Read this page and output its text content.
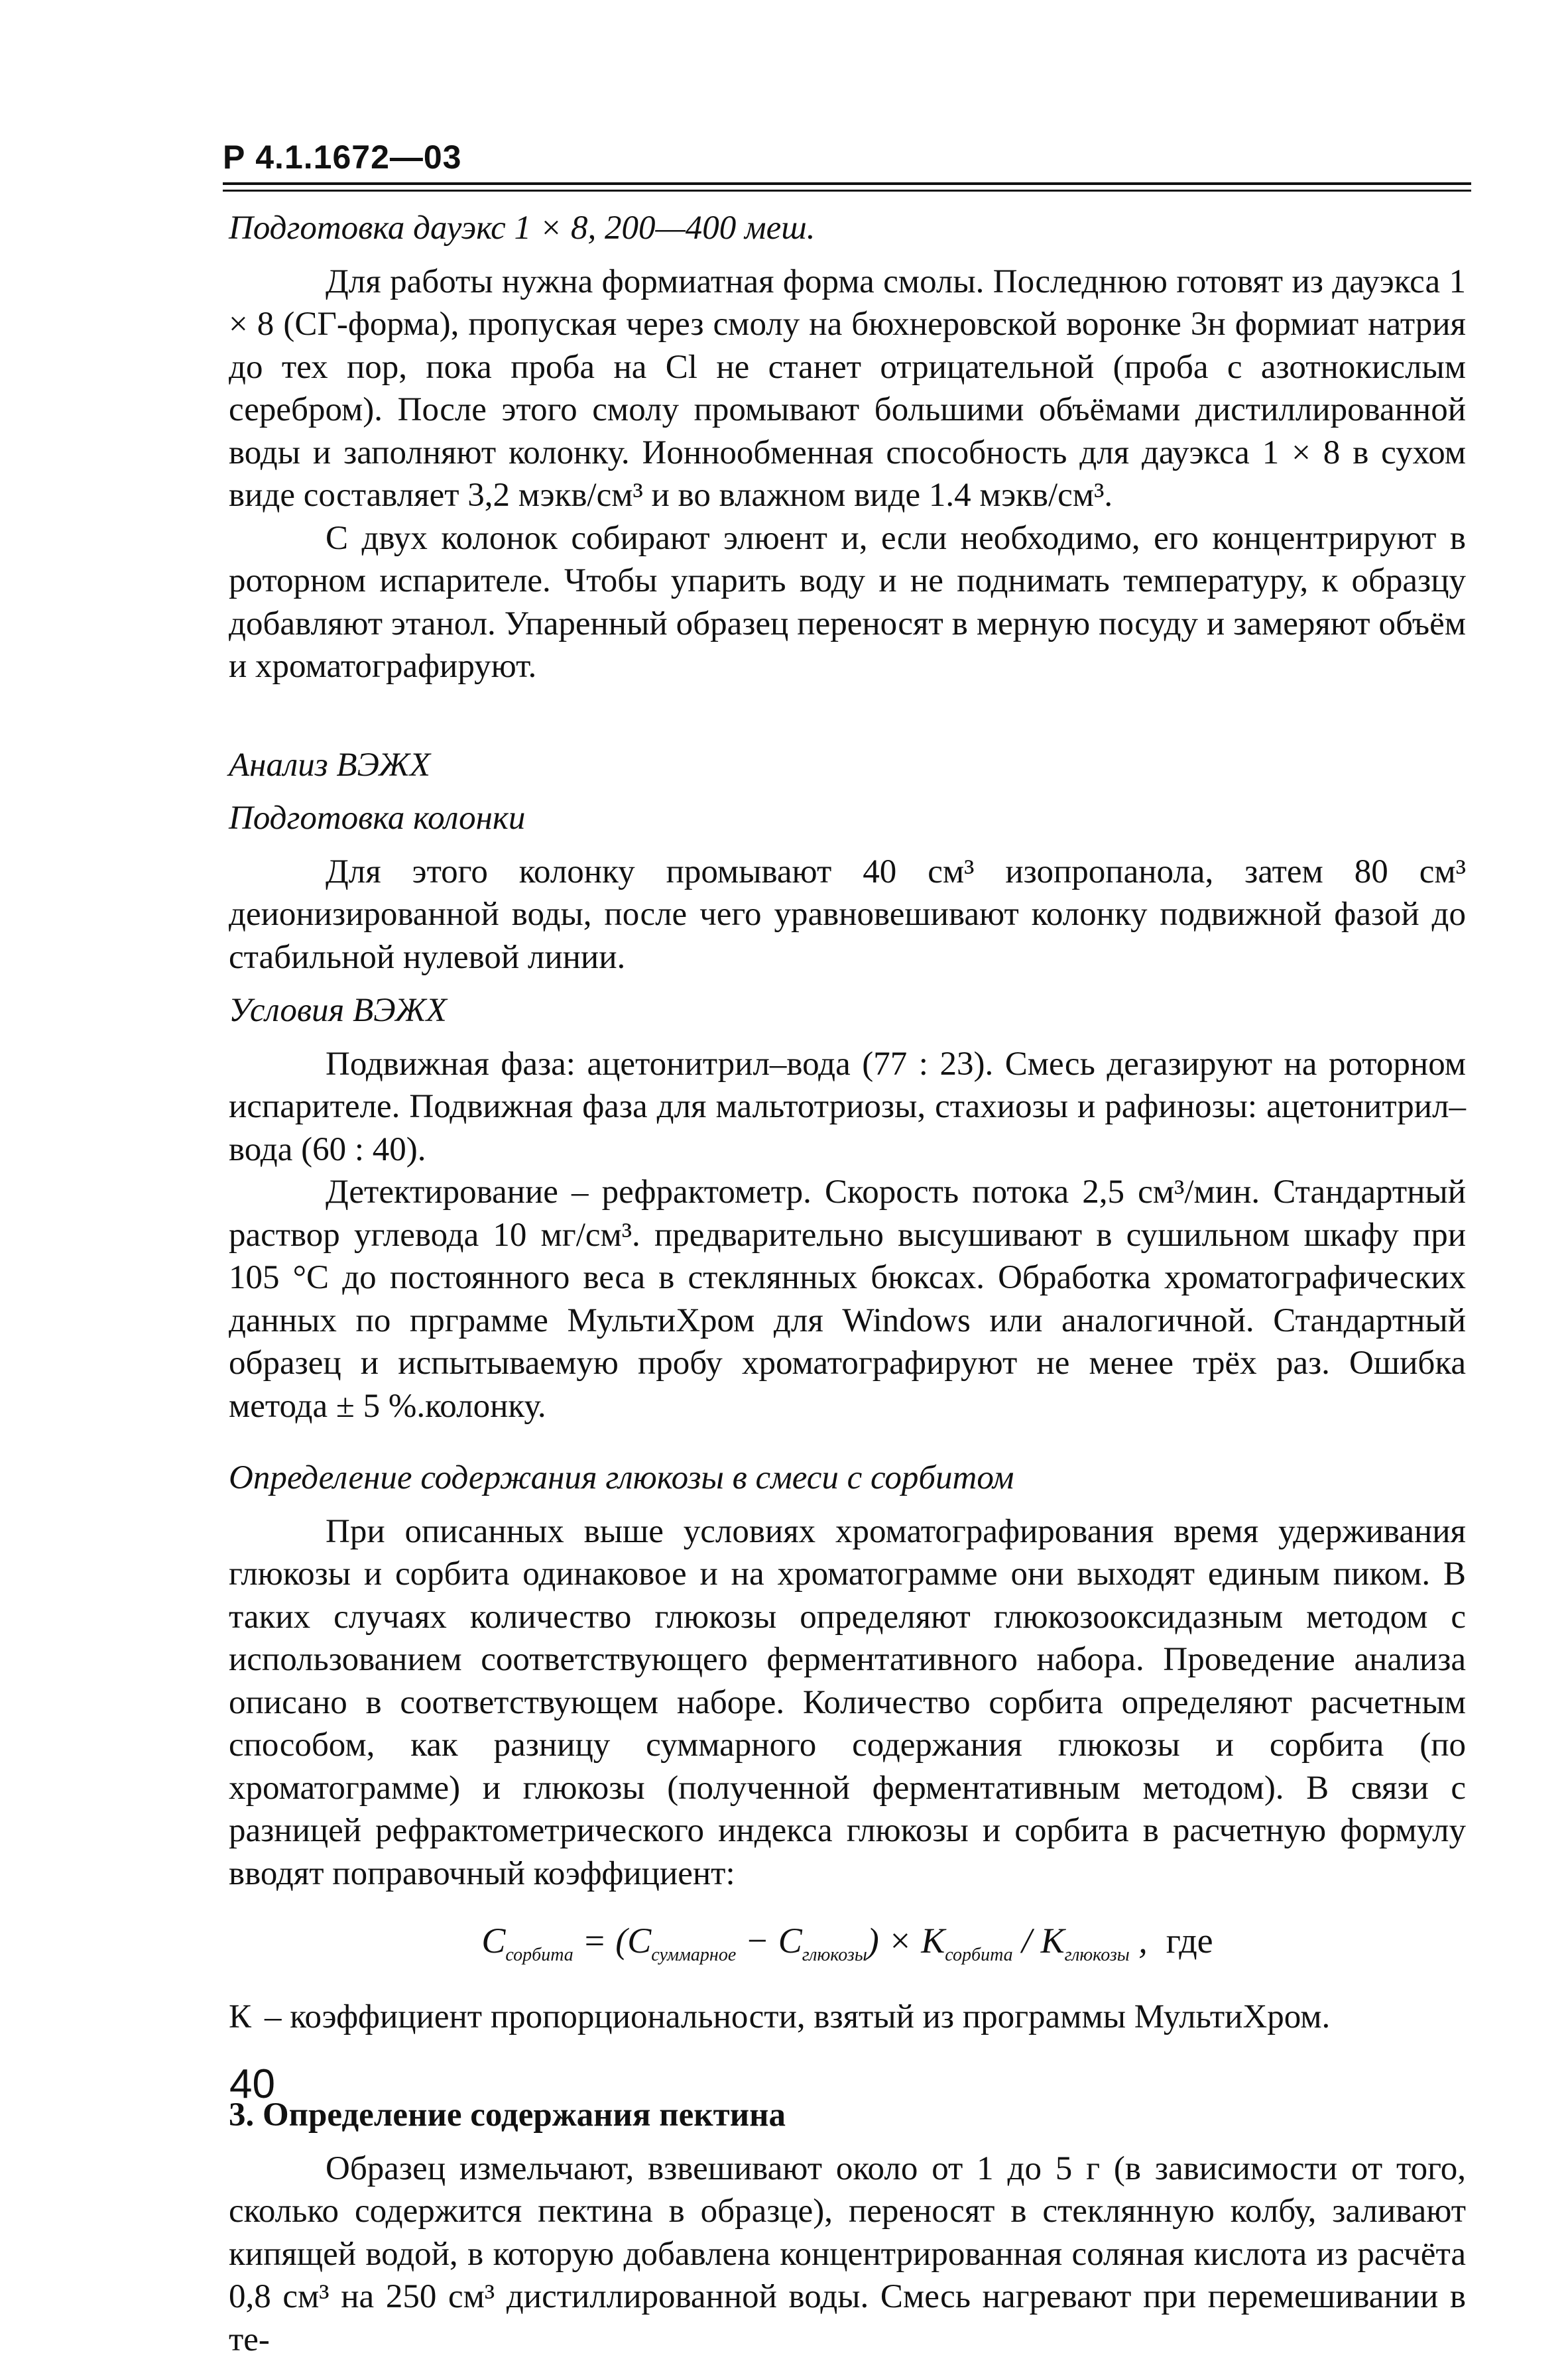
Р 4.1.1672—03

Подготовка дауэкс 1 × 8, 200—400 меш.

Для работы нужна формиатная форма смолы. Последнюю готовят из дауэкса 1 × 8 (СГ-форма), пропуская через смолу на бюхнеровской воронке 3н формиат натрия до тех пор, пока проба на Cl не станет отрицательной (проба с азотнокислым серебром). После этого смолу промывают большими объёмами дистиллированной воды и заполняют колонку. Ионнообменная способность для дауэкса 1 × 8 в сухом виде составляет 3,2 мэкв/см³ и во влажном виде 1.4 мэкв/см³.

С двух колонок собирают элюент и, если необходимо, его концентрируют в роторном испарителе. Чтобы упарить воду и не поднимать температуру, к образцу добавляют этанол. Упаренный образец переносят в мерную посуду и замеряют объём и хроматографируют.

Анализ ВЭЖХ

Подготовка колонки

Для этого колонку промывают 40 см³ изопропанола, затем 80 см³ деионизированной воды, после чего уравновешивают колонку подвижной фазой до стабильной нулевой линии.

Условия ВЭЖХ

Подвижная фаза: ацетонитрил–вода (77 : 23). Смесь дегазируют на роторном испарителе. Подвижная фаза для мальтотриозы, стахиозы и рафинозы: ацетонитрил–вода (60 : 40).

Детектирование – рефрактометр. Скорость потока 2,5 см³/мин. Стандартный раствор углевода 10 мг/см³. предварительно высушивают в сушильном шкафу при 105 °С до постоянного веса в стеклянных бюксах. Обработка хроматографических данных по прграмме МультиХром для Windows или аналогичной. Стандартный образец и испытываемую пробу хроматографируют не менее трёх раз. Ошибка метода ± 5 %.колонку.

Определение содержания глюкозы в смеси с сорбитом

При описанных выше условиях хроматографирования время удерживания глюкозы и сорбита одинаковое и на хроматограмме они выходят единым пиком. В таких случаях количество глюкозы определяют глюкозооксидазным методом с использованием соответствующего ферментативного набора. Проведение анализа описано в соответствующем наборе. Количество сорбита определяют расчетным способом, как разницу суммарного содержания глюкозы и сорбита (по хроматограмме) и глюкозы (полученной ферментативным методом). В связи с разницей рефрактометрического индекса глюкозы и сорбита в расчетную формулу вводят поправочный коэффициент:

$C_{сорбита} = (C_{суммарное} - C_{глюкозы}) \times K_{сорбита} / K_{глюкозы}$ , где

К – коэффициент пропорциональности, взятый из программы МультиХром.

3. Определение содержания пектина

Образец измельчают, взвешивают около от 1 до 5 г (в зависимости от того, сколько содержится пектина в образце), переносят в стеклянную колбу, заливают кипящей водой, в которую добавлена концентрированная соляная кислота из расчёта 0,8 см³ на 250 см³ дистиллированной воды. Смесь нагревают при перемешивании в те-

40
